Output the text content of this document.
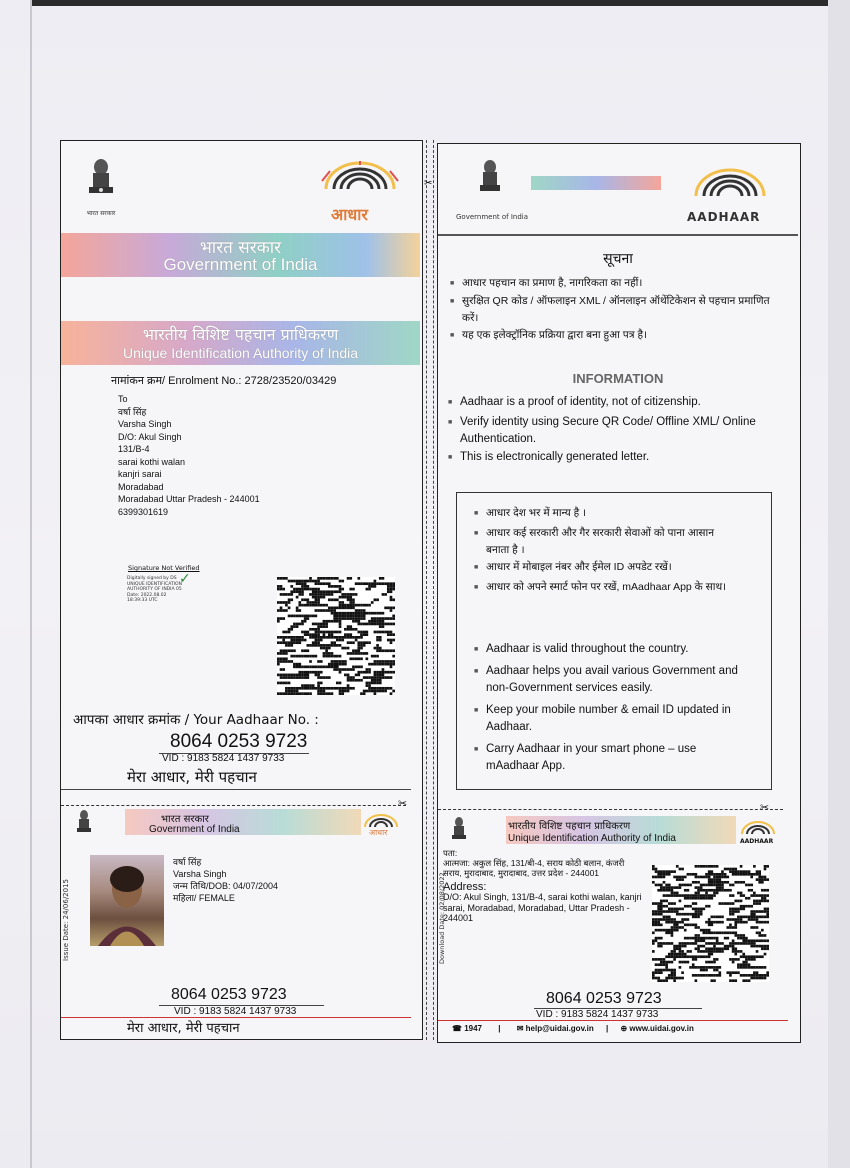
भारत सरकार	आधार
भारत सरकार
Government of India
भारतीय विशिष्ट पहचान प्राधिकरण
Unique Identification Authority of India
नामांकन क्रम/ Enrolment No.: 2728/23520/03429
To
वर्षा सिंह
Varsha Singh
D/O: Akul Singh
131/B-4
sarai kothi walan
kanjri sarai
Moradabad
Moradabad Uttar Pradesh - 244001
6399301619
Signature Not Verified
Digitally signed by DS UNIQUE IDENTIFICATION AUTHORITY OF INDIA 05 Date: 2022.08.02 18:39:33 UTC
✓
आपका आधार क्रमांक / Your Aadhaar No. :
8064 0253 9723
VID : 9183 5824 1437 9733
मेरा आधार, मेरी पहचान
✂
भारत सरकार
Government of India	आधार
Issue Date: 24/06/2015
वर्षा सिंह
Varsha Singh
जन्म तिथि/DOB: 04/07/2004
महिला/ FEMALE
8064 0253 9723
VID : 9183 5824 1437 9733
मेरा आधार, मेरी पहचान
✂
Government of India	AADHAAR
सूचना
■ आधार पहचान का प्रमाण है, नागरिकता का नहीं।
■ सुरक्षित QR कोड / ऑफलाइन XML / ऑनलाइन ऑथेंटिकेशन से पहचान प्रमाणित करें।
■ यह एक इलेक्ट्रॉनिक प्रक्रिया द्वारा बना हुआ पत्र है।
INFORMATION
■ Aadhaar is a proof of identity, not of citizenship.
■ Verify identity using Secure QR Code/ Offline XML/ Online Authentication.
■ This is electronically generated letter.
■ आधार देश भर में मान्य है ।
■ आधार कई सरकारी और गैर सरकारी सेवाओं को पाना आसान बनाता है ।
■ आधार में मोबाइल नंबर और ईमेल ID अपडेट रखें।
■ आधार को अपने स्मार्ट फोन पर रखें, mAadhaar App के साथ।
■ Aadhaar is valid throughout the country.
■ Aadhaar helps you avail various Government and non-Government services easily.
■ Keep your mobile number & email ID updated in Aadhaar.
■ Carry Aadhaar in your smart phone – use mAadhaar App.
✂
भारतीय विशिष्ट पहचान प्राधिकरण
Unique Identification Authority of India	AADHAAR
Download Date: 02/08/2022
पता:
आत्मजा: अकुल सिंह, 131/बी-4, सराय कोठी बलान, कंजरी सराय, मुरादाबाद, मुरादाबाद, उत्तर प्रदेश - 244001
Address:
D/O: Akul Singh, 131/B-4, sarai kothi walan, kanjri sarai, Moradabad, Moradabad, Uttar Pradesh - 244001
8064 0253 9723
VID : 9183 5824 1437 9733
☎ 1947 | ✉ help@uidai.gov.in | ⊕ www.uidai.gov.in
